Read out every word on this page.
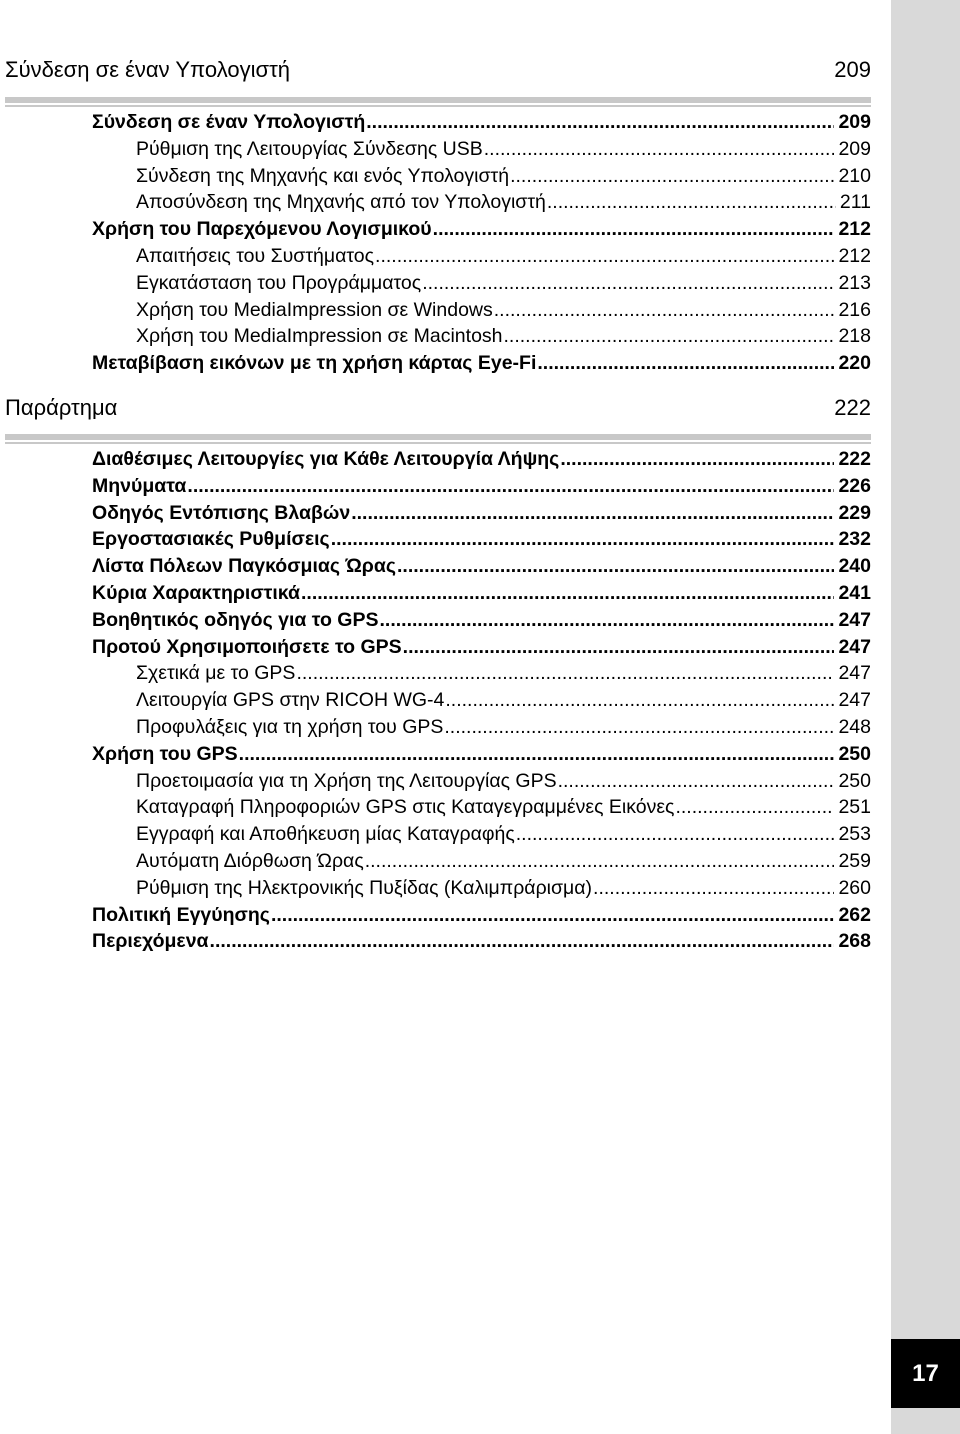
17
Σύνδεση σε έναν Υπολογιστή	209
Σύνδεση σε έναν Υπολογιστή .....	209
Ρύθμιση της Λειτουργίας Σύνδεσης USB .....	209
Σύνδεση της Μηχανής και ενός Υπολογιστή .....	210
Αποσύνδεση της Μηχανής από τον Υπολογιστή .....	211
Χρήση του Παρεχόμενου Λογισμικού .....	212
Απαιτήσεις του Συστήματος .....	212
Εγκατάσταση του Προγράμματος .....	213
Χρήση του MediaImpression σε Windows .....	216
Χρήση του MediaImpression σε Macintosh .....	218
Μεταβίβαση εικόνων με τη χρήση κάρτας Eye-Fi .....	220
Παράρτημα	222
Διαθέσιμες Λειτουργίες για Κάθε Λειτουργία Λήψης .....	222
Μηνύματα .....	226
Οδηγός Εντόπισης Βλαβών .....	229
Εργοστασιακές Ρυθμίσεις .....	232
Λίστα Πόλεων Παγκόσμιας Ώρας .....	240
Κύρια Χαρακτηριστικά .....	241
Βοηθητικός οδηγός για το GPS .....	247
Προτού Χρησιμοποιήσετε το GPS .....	247
Σχετικά με το GPS .....	247
Λειτουργία GPS στην RICOH WG-4 .....	247
Προφυλάξεις για τη χρήση του GPS .....	248
Χρήση του GPS .....	250
Προετοιμασία για τη Χρήση της Λειτουργίας GPS .....	250
Καταγραφή Πληροφοριών GPS στις Καταγεγραμμένες Εικόνες .....	251
Εγγραφή και Αποθήκευση μίας Καταγραφής .....	253
Αυτόματη Διόρθωση Ώρας .....	259
Ρύθμιση της Ηλεκτρονικής Πυξίδας (Καλιμπράρισμα) .....	260
Πολιτική Εγγύησης .....	262
Περιεχόμενα .....	268
